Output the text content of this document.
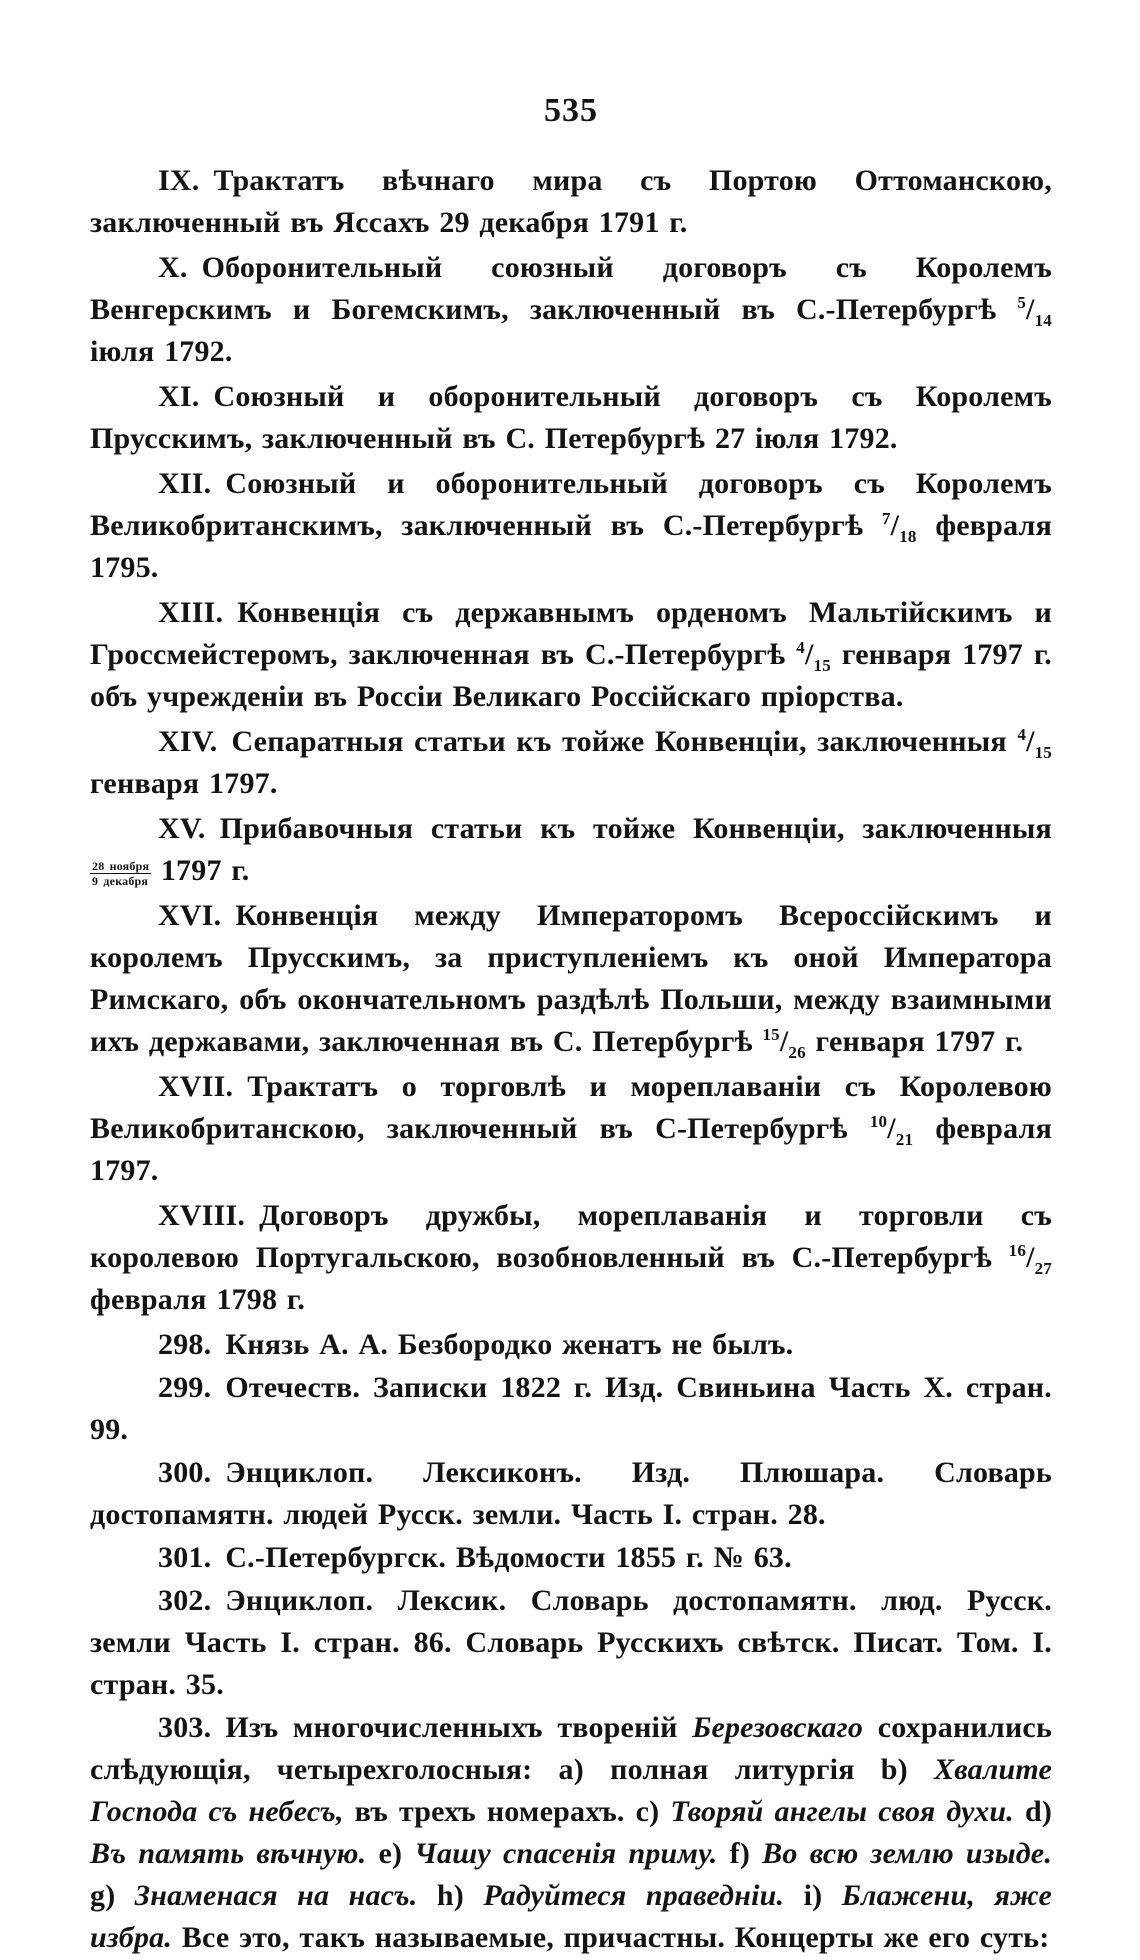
535

IX. Трактатъ вѣчнаго мира съ Портою Оттоманскою, заключенный въ Яссахъ 29 декабря 1791 г.

X. Оборонительный союзный договоръ съ Королемъ Венгерскимъ и Богемскимъ, заключенный въ С.-Петербургѣ $^5/_{14}$ іюля 1792.

XI. Союзный и оборонительный договоръ съ Королемъ Прусскимъ, заключенный въ С. Петербургѣ 27 іюля 1792.

XII. Союзный и оборонительный договоръ съ Королемъ Великобританскимъ, заключенный въ С.-Петербургѣ $^7/_{18}$ февраля 1795.

XIII. Конвенція съ державнымъ орденомъ Мальтійскимъ и Гроссмейстеромъ, заключенная въ С.-Петербургѣ $^4/_{15}$ генваря 1797 г. объ учрежденіи въ Россіи Великаго Россійскаго пріорства.

XIV. Сепаратныя статьи къ тойже Конвенціи, заключенныя $^4/_{15}$ генваря 1797.

XV. Прибавочныя статьи къ тойже Конвенціи, заключенныя
28 ноября
9 декабря 1797 г.

XVI. Конвенція между Императоромъ Всероссійскимъ и королемъ Прусскимъ, за приступленіемъ къ оной Императора Римскаго, объ окончательномъ раздѣлѣ Польши, между взаимными ихъ державами, заключенная въ С. Петербургѣ $^{15}/_{26}$ генваря 1797 г.

XVII. Трактатъ о торговлѣ и мореплаваніи съ Королевою Великобританскою, заключенный въ С-Петербургѣ $^{10}/_{21}$ февраля 1797.

XVIII. Договоръ дружбы, мореплаванія и торговли съ королевою Португальскою, возобновленный въ С.-Петербургѣ $^{16}/_{27}$ февраля 1798 г.

298. Князь А. А. Безбородко женатъ не былъ.

299. Отечеств. Записки 1822 г. Изд. Свиньина Часть X. стран. 99.

300. Энциклоп. Лексиконъ. Изд. Плюшара. Словарь достопамятн. людей Русск. земли. Часть I. стран. 28.

301. С.-Петербургск. Вѣдомости 1855 г. № 63.

302. Энциклоп. Лексик. Словарь достопамятн. люд. Русск. земли Часть I. стран. 86. Словарь Русскихъ свѣтск. Писат. Том. I. стран. 35.

303. Изъ многочисленныхъ твореній Березовскаго сохранились слѣдующія, четырехголосныя: a) полная литургія b) Хвалите Господа съ небесъ, въ трехъ номерахъ. c) Творяй ангелы своя духи. d) Въ память вѣчную. e) Чашу спасенія приму. f) Во всю землю изыде. g) Знаменася на насъ. h) Радуйтеся праведніи. i) Блажени, яже избра. Все это, такъ называемые, причастны. Концерты же его суть:
